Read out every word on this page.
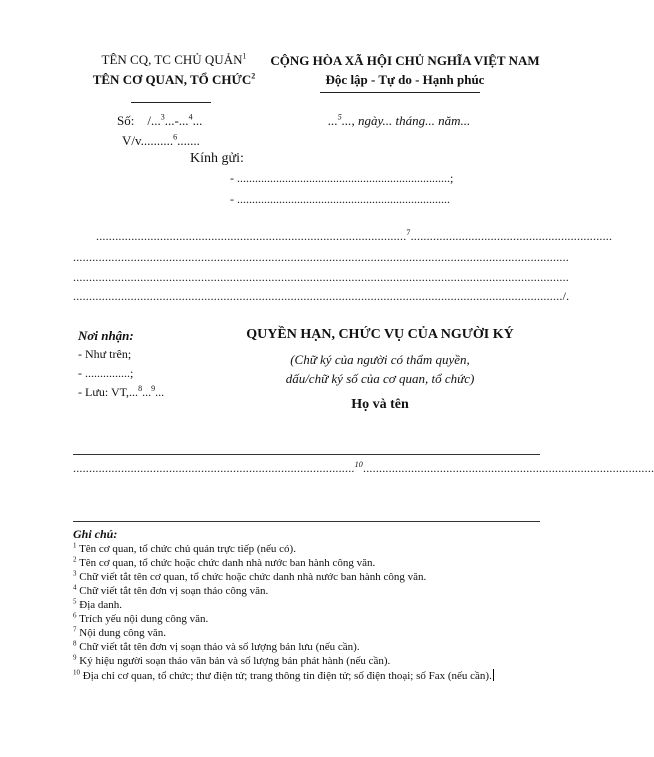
TÊN CQ, TC CHỦ QUẢN$^1$
TÊN CƠ QUAN, TỔ CHỨC$^2$
CỘNG HÒA XÃ HỘI CHỦ NGHĨA VIỆT NAM
Độc lập - Tự do - Hạnh phúc
Số: /...$^3$...-...$^4$...	...$^5$..., ngày... tháng... năm...
V/v..........$^6$.......
Kính gửi:
- .......................................................................;
- .......................................................................
.................................................................................................$^7$...............................................................
...........................................................................................................................................................
...........................................................................................................................................................
........................................................................................................................................................./.
Nơi nhận:
- Như trên;
- ...............;
- Lưu: VT,...$^8$...$^9$...
QUYỀN HẠN, CHỨC VỤ CỦA NGƯỜI KÝ
(Chữ ký của người có thẩm quyền,
dấu/chữ ký số của cơ quan, tổ chức)
Họ và tên
........................................................................................$^{10}$...........................................................................................
Ghi chú:
$^1$ Tên cơ quan, tổ chức chủ quản trực tiếp (nếu có).
$^2$ Tên cơ quan, tổ chức hoặc chức danh nhà nước ban hành công văn.
$^3$ Chữ viết tắt tên cơ quan, tổ chức hoặc chức danh nhà nước ban hành công văn.
$^4$ Chữ viết tắt tên đơn vị soạn thảo công văn.
$^5$ Địa danh.
$^6$ Trích yếu nội dung công văn.
$^7$ Nội dung công văn.
$^8$ Chữ viết tắt tên đơn vị soạn thảo và số lượng bản lưu (nếu cần).
$^9$ Ký hiệu người soạn thảo văn bản và số lượng bản phát hành (nếu cần).
$^{10}$ Địa chỉ cơ quan, tổ chức; thư điện tử; trang thông tin điện tử; số điện thoại; số Fax (nếu cần).
